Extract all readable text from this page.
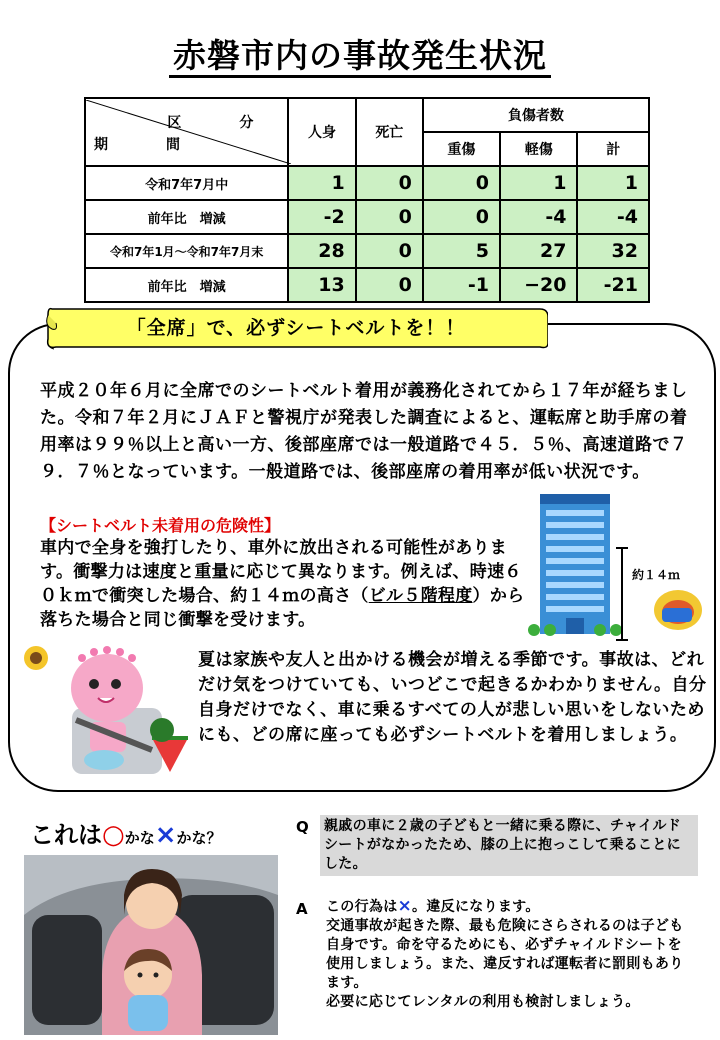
赤磐市内の事故発生状況
区　分
期　間	人身	死亡	負傷者数		
			重傷	軽傷	計
令和7年7月中	1	0	0	1	1
前年比　増減	-2	0	0	-4	-4
令和7年1月～令和7年7月末	28	0	5	27	32
前年比　増減	13	0	-1	−20	-21
「全席」で、必ずシートベルトを！！
平成２０年６月に全席でのシートベルト着用が義務化されてから１７年が経ちました。令和７年２月にＪＡＦと警視庁が発表した調査によると、運転席と助手席の着用率は９９％以上と高い一方、後部座席では一般道路で４５．５％、高速道路で７９．７％となっています。一般道路では、後部座席の着用率が低い状況です。
【シートベルト未着用の危険性】
車内で全身を強打したり、車外に放出される可能性があります。衝撃力は速度と重量に応じて異なります。例えば、時速６０ｋｍで衝突した場合、約１４ｍの高さ（ビル５階程度）から落ちた場合と同じ衝撃を受けます。
約１４ｍ
夏は家族や友人と出かける機会が増える季節です。事故は、どれだけ気をつけていても、いつどこで起きるかわかりません。自分自身だけでなく、車に乗るすべての人が悲しい思いをしないためにも、どの席に座っても必ずシートベルトを着用しましょう。
これは○かな×かな？
Q 親戚の車に２歳の子どもと一緒に乗る際に、チャイルドシートがなかったため、膝の上に抱っこして乗ることにした。
A この行為は×。違反になります。
交通事故が起きた際、最も危険にさらされるのは子ども自身です。命を守るためにも、必ずチャイルドシートを使用しましょう。また、違反すれば運転者に罰則もあります。
必要に応じてレンタルの利用も検討しましょう。
